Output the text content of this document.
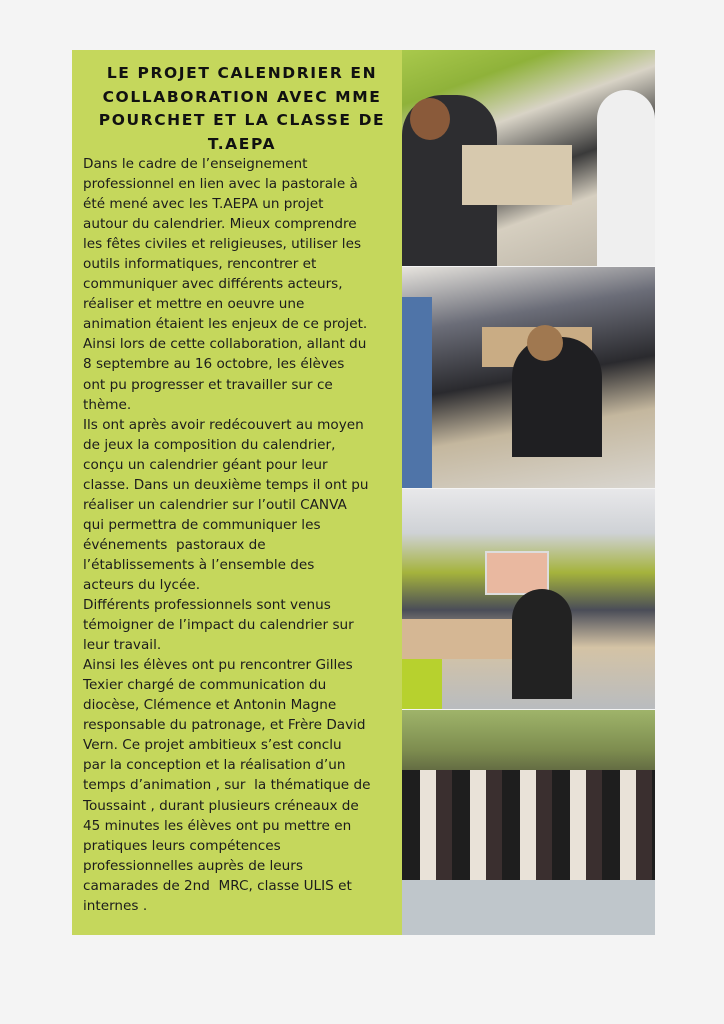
LE PROJET CALENDRIER EN COLLABORATION AVEC MME POURCHET ET LA CLASSE DE T.AEPA
Dans le cadre de l’enseignement
professionnel en lien avec la pastorale à
été mené avec les T.AEPA un projet
autour du calendrier. Mieux comprendre
les fêtes civiles et religieuses, utiliser les
outils informatiques, rencontrer et
communiquer avec différents acteurs,
réaliser et mettre en oeuvre une
animation étaient les enjeux de ce projet.
Ainsi lors de cette collaboration, allant du
8 septembre au 16 octobre, les élèves
ont pu progresser et travailler sur ce
thème.
Ils ont après avoir redécouvert au moyen
de jeux la composition du calendrier,
conçu un calendrier géant pour leur
classe. Dans un deuxième temps il ont pu
réaliser un calendrier sur l’outil CANVA
qui permettra de communiquer les
événements  pastoraux de
l’établissements à l’ensemble des
acteurs du lycée.
Différents professionnels sont venus
témoigner de l’impact du calendrier sur
leur travail.
Ainsi les élèves ont pu rencontrer Gilles
Texier chargé de communication du
diocèse, Clémence et Antonin Magne
responsable du patronage, et Frère David
Vern. Ce projet ambitieux s’est conclu
par la conception et la réalisation d’un
temps d’animation , sur  la thématique de
Toussaint , durant plusieurs créneaux de
45 minutes les élèves ont pu mettre en
pratiques leurs compétences
professionnelles auprès de leurs
camarades de 2nd  MRC, classe ULIS et
internes .
